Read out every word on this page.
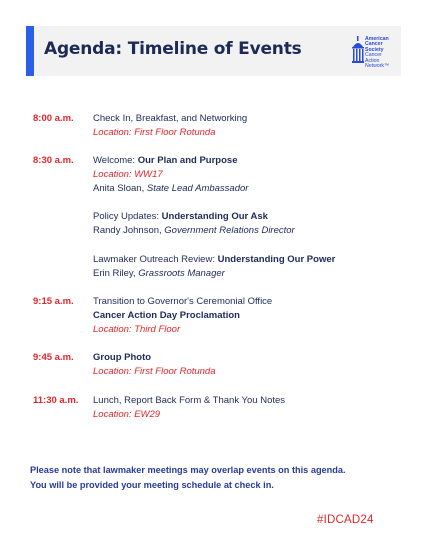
Agenda: Timeline of Events	American
Cancer
Society
Cancer
Action
Network™
8:00 a.m. Check In, Breakfast, and Networking
Location: First Floor Rotunda
8:30 a.m. Welcome: Our Plan and Purpose
Location: WW17
Anita Sloan, State Lead Ambassador
Policy Updates: Understanding Our Ask
Randy Johnson, Government Relations Director
Lawmaker Outreach Review: Understanding Our Power
Erin Riley, Grassroots Manager
9:15 a.m. Transition to Governor's Ceremonial Office
Cancer Action Day Proclamation
Location: Third Floor
9:45 a.m. Group Photo
Location: First Floor Rotunda
11:30 a.m. Lunch, Report Back Form & Thank You Notes
Location: EW29
Please note that lawmaker meetings may overlap events on this agenda.
You will be provided your meeting schedule at check in.
#IDCAD24
